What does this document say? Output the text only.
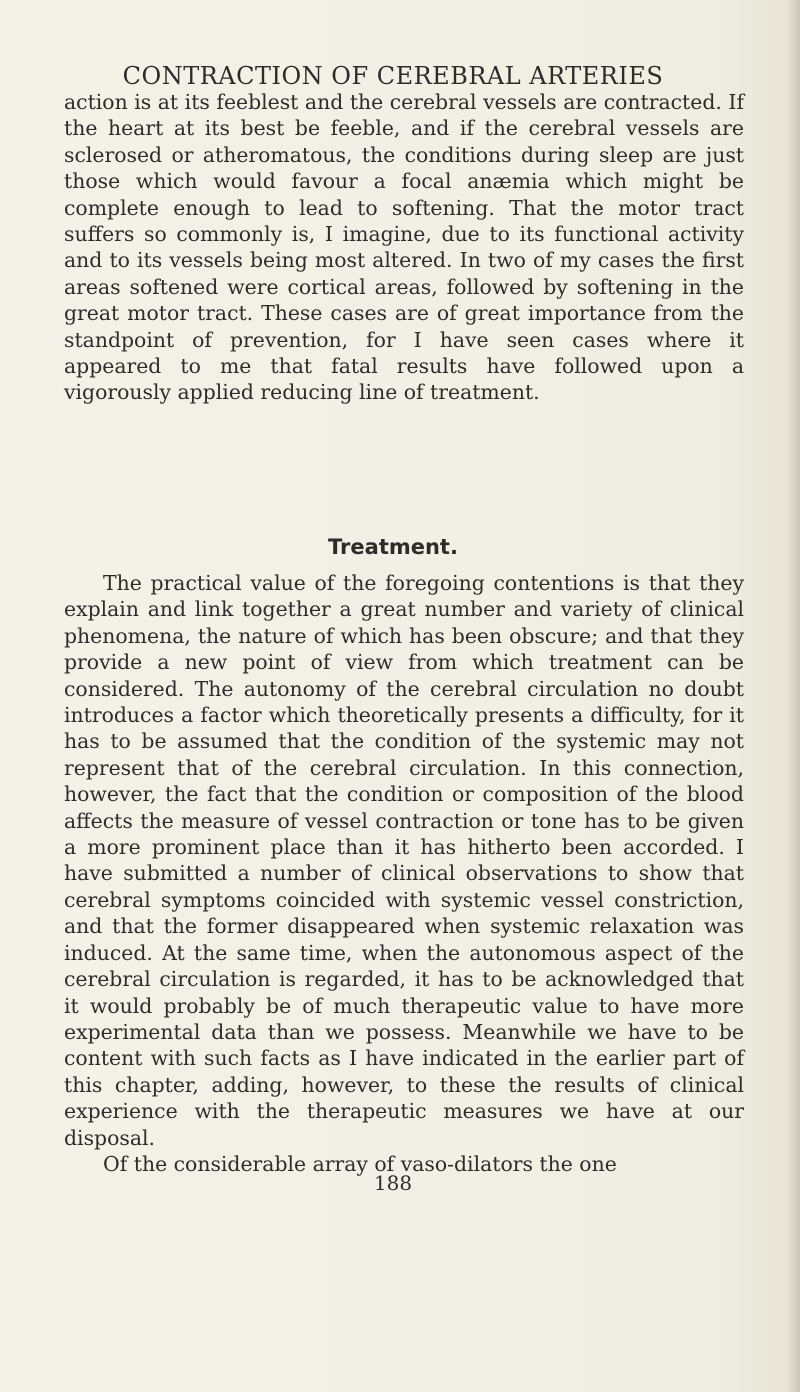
CONTRACTION OF CEREBRAL ARTERIES

action is at its feeblest and the cerebral vessels are contracted. If the heart at its best be feeble, and if the cerebral vessels are sclerosed or atheromatous, the conditions during sleep are just those which would favour a focal anæmia which might be complete enough to lead to softening. That the motor tract suffers so commonly is, I imagine, due to its functional activity and to its vessels being most altered. In two of my cases the first areas softened were cortical areas, followed by softening in the great motor tract. These cases are of great importance from the standpoint of prevention, for I have seen cases where it appeared to me that fatal results have followed upon a vigorously applied reducing line of treatment.

Treatment.

The practical value of the foregoing contentions is that they explain and link together a great number and variety of clinical phenomena, the nature of which has been obscure; and that they provide a new point of view from which treatment can be considered. The autonomy of the cerebral circulation no doubt introduces a factor which theoretically presents a difficulty, for it has to be assumed that the condition of the systemic may not represent that of the cerebral circulation. In this connection, however, the fact that the condition or composition of the blood affects the measure of vessel contraction or tone has to be given a more prominent place than it has hitherto been accorded. I have submitted a number of clinical observations to show that cerebral symptoms coincided with systemic vessel constriction, and that the former disappeared when systemic relaxation was induced. At the same time, when the autonomous aspect of the cerebral circulation is regarded, it has to be acknowledged that it would probably be of much therapeutic value to have more experimental data than we possess. Meanwhile we have to be content with such facts as I have indicated in the earlier part of this chapter, adding, however, to these the results of clinical experience with the therapeutic measures we have at our disposal.

Of the considerable array of vaso-dilators the one

188
